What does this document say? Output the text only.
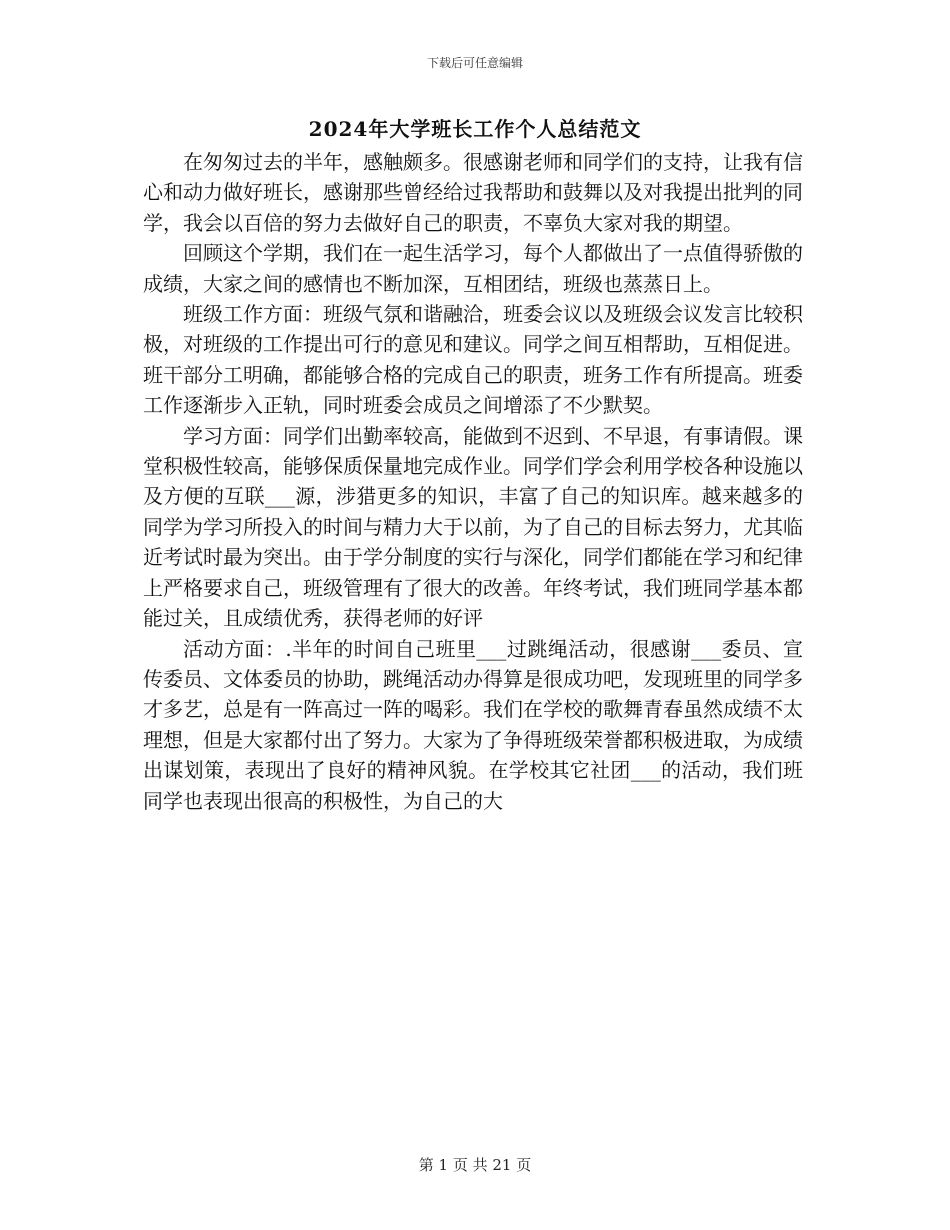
下载后可任意编辑
2024年大学班长工作个人总结范文

在匆匆过去的半年，感触颇多。很感谢老师和同学们的支持，让我有信心和动力做好班长，感谢那些曾经给过我帮助和鼓舞以及对我提出批判的同学，我会以百倍的努力去做好自己的职责，不辜负大家对我的期望。

回顾这个学期，我们在一起生活学习，每个人都做出了一点值得骄傲的成绩，大家之间的感情也不断加深，互相团结，班级也蒸蒸日上。

班级工作方面：班级气氛和谐融洽，班委会议以及班级会议发言比较积极，对班级的工作提出可行的意见和建议。同学之间互相帮助，互相促进。班干部分工明确，都能够合格的完成自己的职责，班务工作有所提高。班委工作逐渐步入正轨，同时班委会成员之间增添了不少默契。

学习方面：同学们出勤率较高，能做到不迟到、不早退，有事请假。课堂积极性较高，能够保质保量地完成作业。同学们学会利用学校各种设施以及方便的互联___源，涉猎更多的知识，丰富了自己的知识库。越来越多的同学为学习所投入的时间与精力大于以前，为了自己的目标去努力，尤其临近考试时最为突出。由于学分制度的实行与深化，同学们都能在学习和纪律上严格要求自己，班级管理有了很大的改善。年终考试，我们班同学基本都能过关，且成绩优秀，获得老师的好评

活动方面：.半年的时间自己班里___过跳绳活动，很感谢___委员、宣传委员、文体委员的协助，跳绳活动办得算是很成功吧，发现班里的同学多才多艺，总是有一阵高过一阵的喝彩。我们在学校的歌舞青春虽然成绩不太理想，但是大家都付出了努力。大家为了争得班级荣誉都积极进取，为成绩出谋划策，表现出了良好的精神风貌。在学校其它社团___的活动，我们班同学也表现出很高的积极性，为自己的大

第 1 页 共 21 页
